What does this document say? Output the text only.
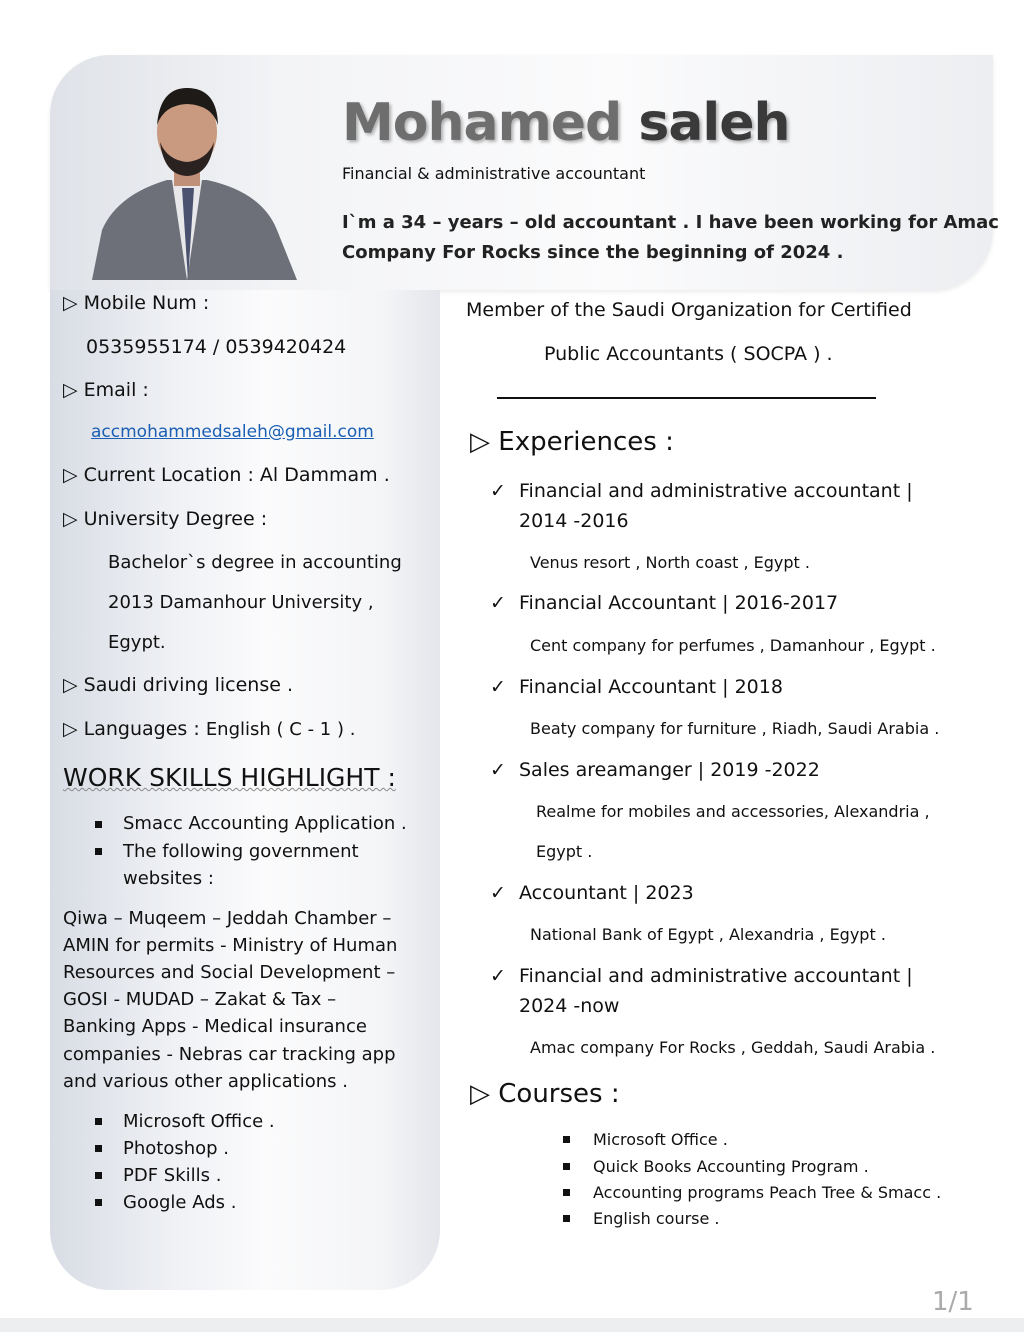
Mohamed saleh
Financial & administrative accountant
I`m a 34 – years – old accountant . I have been working for Amac
Company For Rocks since the beginning of 2024 .
▷ Mobile Num :
0535955174 / 0539420424
▷ Email :
accmohammedsaleh@gmail.com
▷ Current Location : Al Dammam .
▷ University Degree :
Bachelor`s degree in accounting
2013 Damanhour University ,
Egypt.
▷ Saudi driving license .
▷ Languages : English ( C - 1 ) .
WORK SKILLS HIGHLIGHT :
Smacc Accounting Application .
The following government
websites :
Qiwa – Muqeem – Jeddah Chamber –
AMIN for permits - Ministry of Human
Resources and Social Development –
GOSI - MUDAD – Zakat & Tax –
Banking Apps - Medical insurance
companies - Nebras car tracking app
and various other applications .
Microsoft Office .
Photoshop .
PDF Skills .
Google Ads .
Member of the Saudi Organization for Certified
Public Accountants ( SOCPA ) .
▷ Experiences :
✓ Financial and administrative accountant |
2014 -2016
Venus resort , North coast , Egypt .
✓ Financial Accountant | 2016-2017
Cent company for perfumes , Damanhour , Egypt .
✓ Financial Accountant | 2018
Beaty company for furniture , Riadh, Saudi Arabia .
✓ Sales areamanger | 2019 -2022
Realme for mobiles and accessories, Alexandria ,
Egypt .
✓ Accountant | 2023
National Bank of Egypt , Alexandria , Egypt .
✓ Financial and administrative accountant |
2024 -now
Amac company For Rocks , Geddah, Saudi Arabia .
▷ Courses :
Microsoft Office .
Quick Books Accounting Program .
Accounting programs Peach Tree & Smacc .
English course .
1/1
